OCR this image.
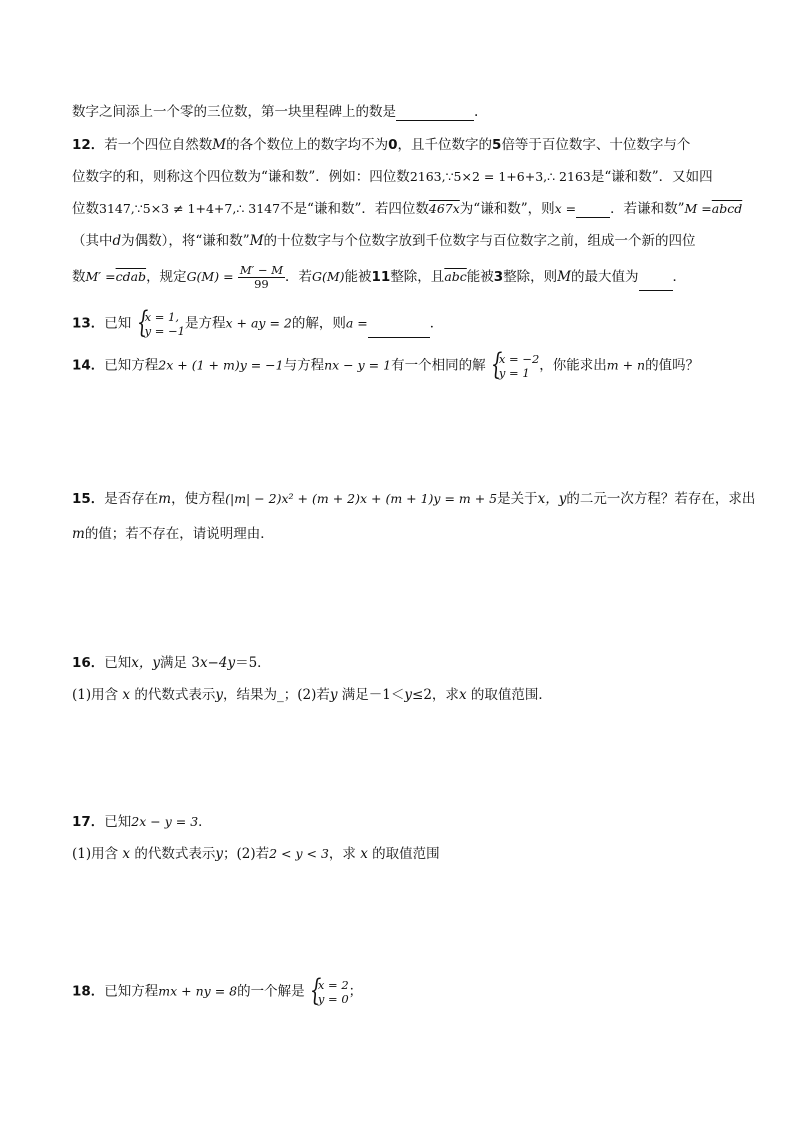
数字之间添上一个零的三位数，第一块里程碑上的数是	.
12．若一个四位自然数M的各个数位上的数字均不为0，且千位数字的5倍等于百位数字、十位数字与个
位数字的和，则称这个四位数为“谦和数”．例如：四位数2163,∵5×2 = 1+6+3,∴ 2163是“谦和数”．又如四
位数3147,∵5×3 ≠ 1+4+7,∴ 3147不是“谦和数”．若四位数467x为“谦和数”，则x =	．若谦和数”M =abcd
（其中d为偶数），将“谦和数”M的十位数字与个位数字放到千位数字与百位数字之前，组成一个新的四位
数M′ =cdab，规定$G(M) = \frac{M' - M}{99}$ ．若G(M)能被11整除，且$\overline{abc}$能被3整除，则M的最大值为	．
13．已知 { x = 1,
y = −1 是方程x + ay = 2的解，则a =	．
14．已知方程2x + (1 + m)y = −1与方程nx − y = 1有一个相同的解 { x = −2
y = 1 ，你能求出m + n的值吗？
15．是否存在m，使方程(|m| − 2)x² + (m + 2)x + (m + 1)y = m + 5是关于x，y的二元一次方程？若存在，求出
m的值；若不存在，请说明理由．
16．已知x，y满足 3x−4y＝5．
(1)用含 x 的代数式表示y，结果为_；(2)若y 满足－1＜y≤2，求x 的取值范围．
17．已知2x − y = 3．
(1)用含 x 的代数式表示y；(2)若2 < y < 3，求 x 的取值范围
18．已知方程mx + ny = 8的一个解是 { x = 2
y = 0 ；
